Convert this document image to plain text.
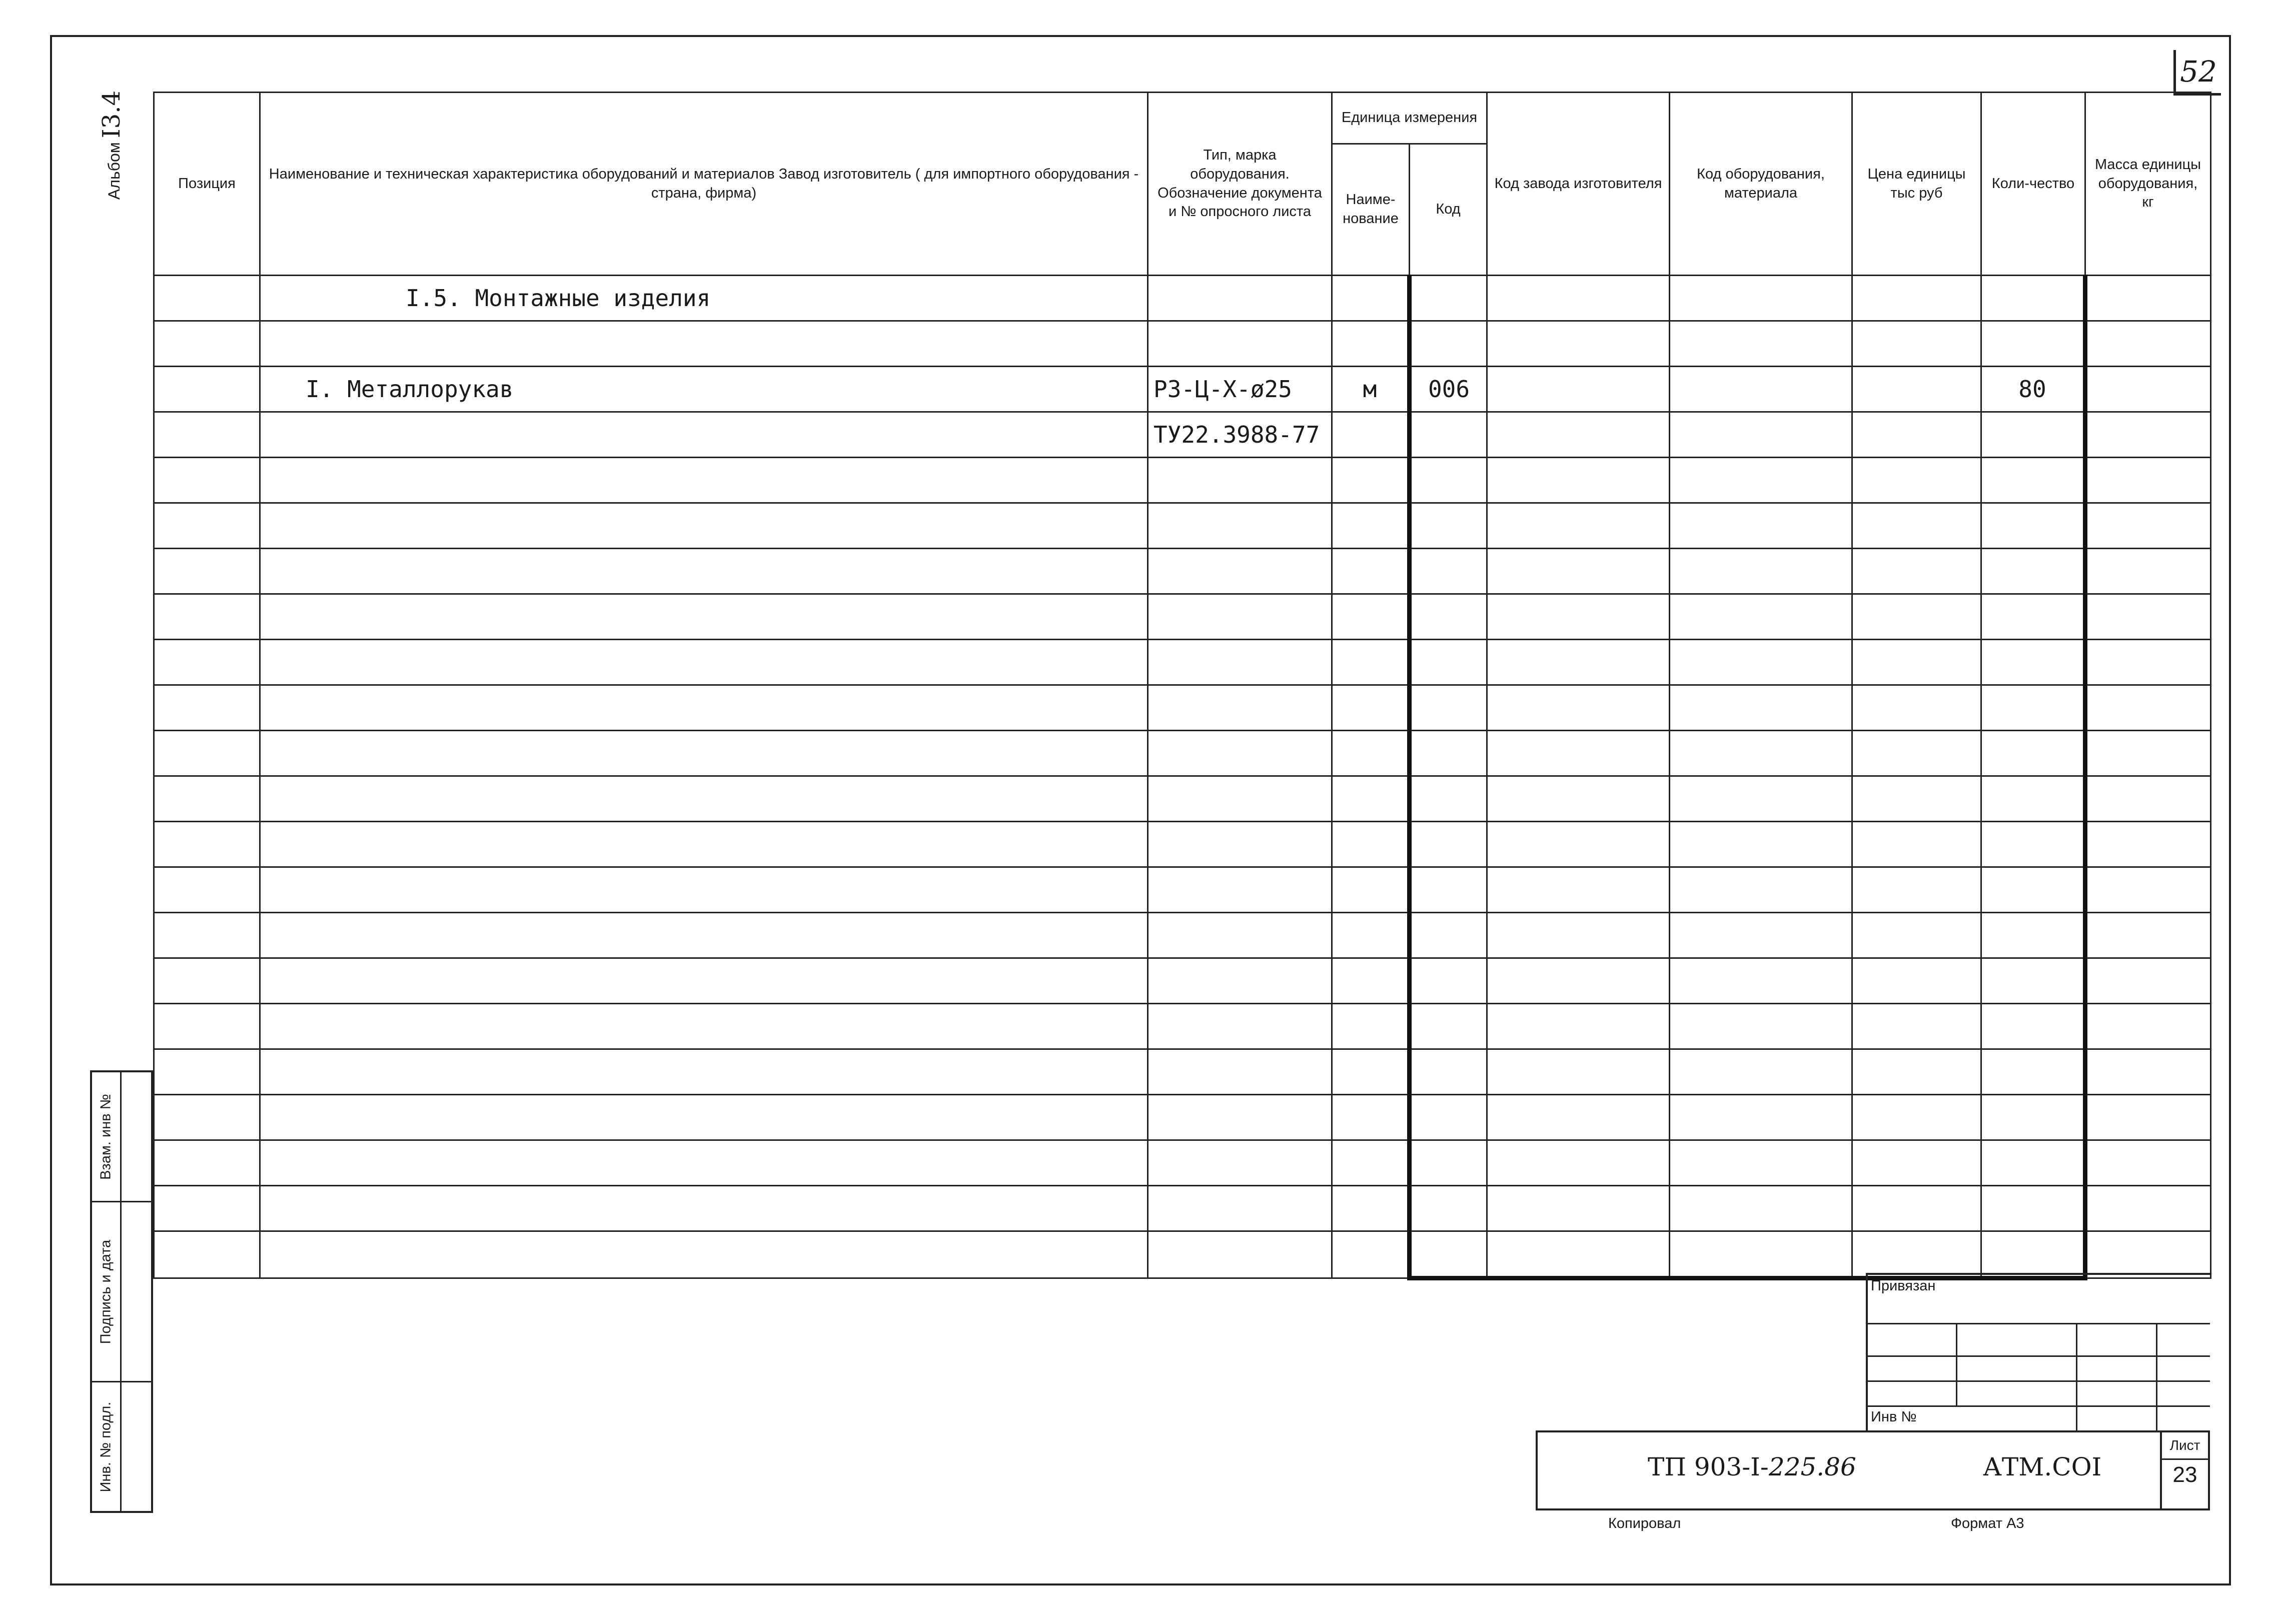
52
АльбомI3.4
Позиция	Наименование и техническая характеристика оборудований и материалов Завод изготовитель ( для импортного оборудования - страна, фирма)	Тип, марка оборудования. Обозначение документа и № опросного листа	Единица измерения		Код завода изготовителя	Код оборудования, материала	Цена единицы тыс руб	Коли-чество	Масса единицы оборудования, кг
			Наиме-нование	Код					
	I.5. Монтажные изделия								

	I. Металлорукав	РЗ-Ц-Х-ø25	м	006				80	
		ТУ22.3988-77							

Взам. инв №
Подпись и дата
Инв. № подл.
Привязан
Инв №
ТП 903-I-225.86	АТМ.СОI
Лист
23
Копировал	Формат А3
